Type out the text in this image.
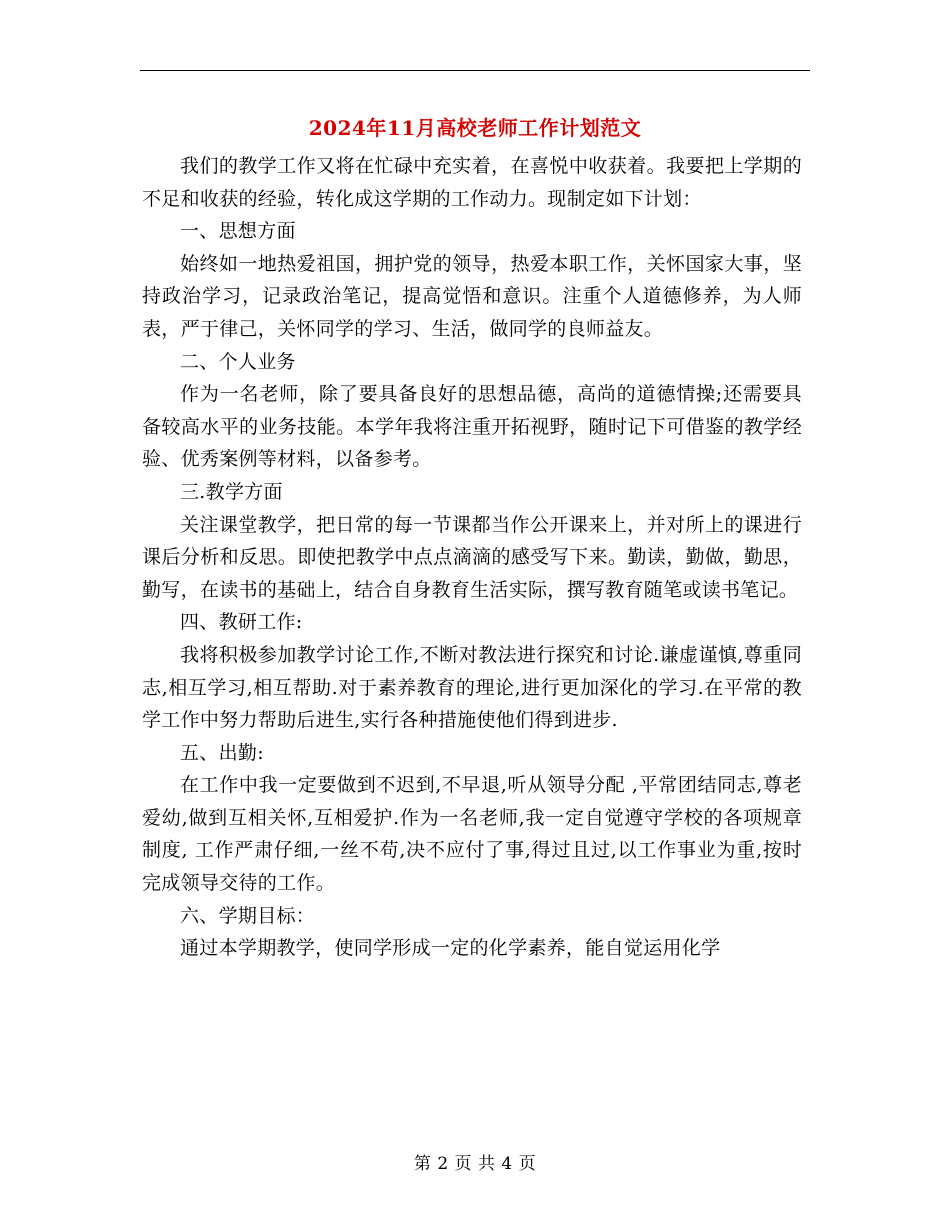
2024年11月高校老师工作计划范文

我们的教学工作又将在忙碌中充实着，在喜悦中收获着。我要把上学期的不足和收获的经验，转化成这学期的工作动力。现制定如下计划：

一、思想方面

始终如一地热爱祖国，拥护党的领导，热爱本职工作，关怀国家大事，坚持政治学习，记录政治笔记，提高觉悟和意识。注重个人道德修养，为人师表，严于律己，关怀同学的学习、生活，做同学的良师益友。

二、个人业务

作为一名老师，除了要具备良好的思想品德，高尚的道德情操;还需要具备较高水平的业务技能。本学年我将注重开拓视野，随时记下可借鉴的教学经验、优秀案例等材料，以备参考。

三.教学方面

关注课堂教学，把日常的每一节课都当作公开课来上，并对所上的课进行课后分析和反思。即使把教学中点点滴滴的感受写下来。勤读，勤做，勤思，勤写，在读书的基础上，结合自身教育生活实际，撰写教育随笔或读书笔记。

四、教研工作:

我将积极参加教学讨论工作,不断对教法进行探究和讨论.谦虚谨慎,尊重同志,相互学习,相互帮助.对于素养教育的理论,进行更加深化的学习.在平常的教学工作中努力帮助后进生,实行各种措施使他们得到进步.

五、出勤:

在工作中我一定要做到不迟到,不早退,听从领导分配 ,平常团结同志,尊老爱幼,做到互相关怀,互相爱护.作为一名老师,我一定自觉遵守学校的各项规章制度, 工作严肃仔细,一丝不苟,决不应付了事,得过且过,以工作事业为重,按时完成领导交待的工作。

六、学期目标：

通过本学期教学，使同学形成一定的化学素养，能自觉运用化学

第 2 页 共 4 页
